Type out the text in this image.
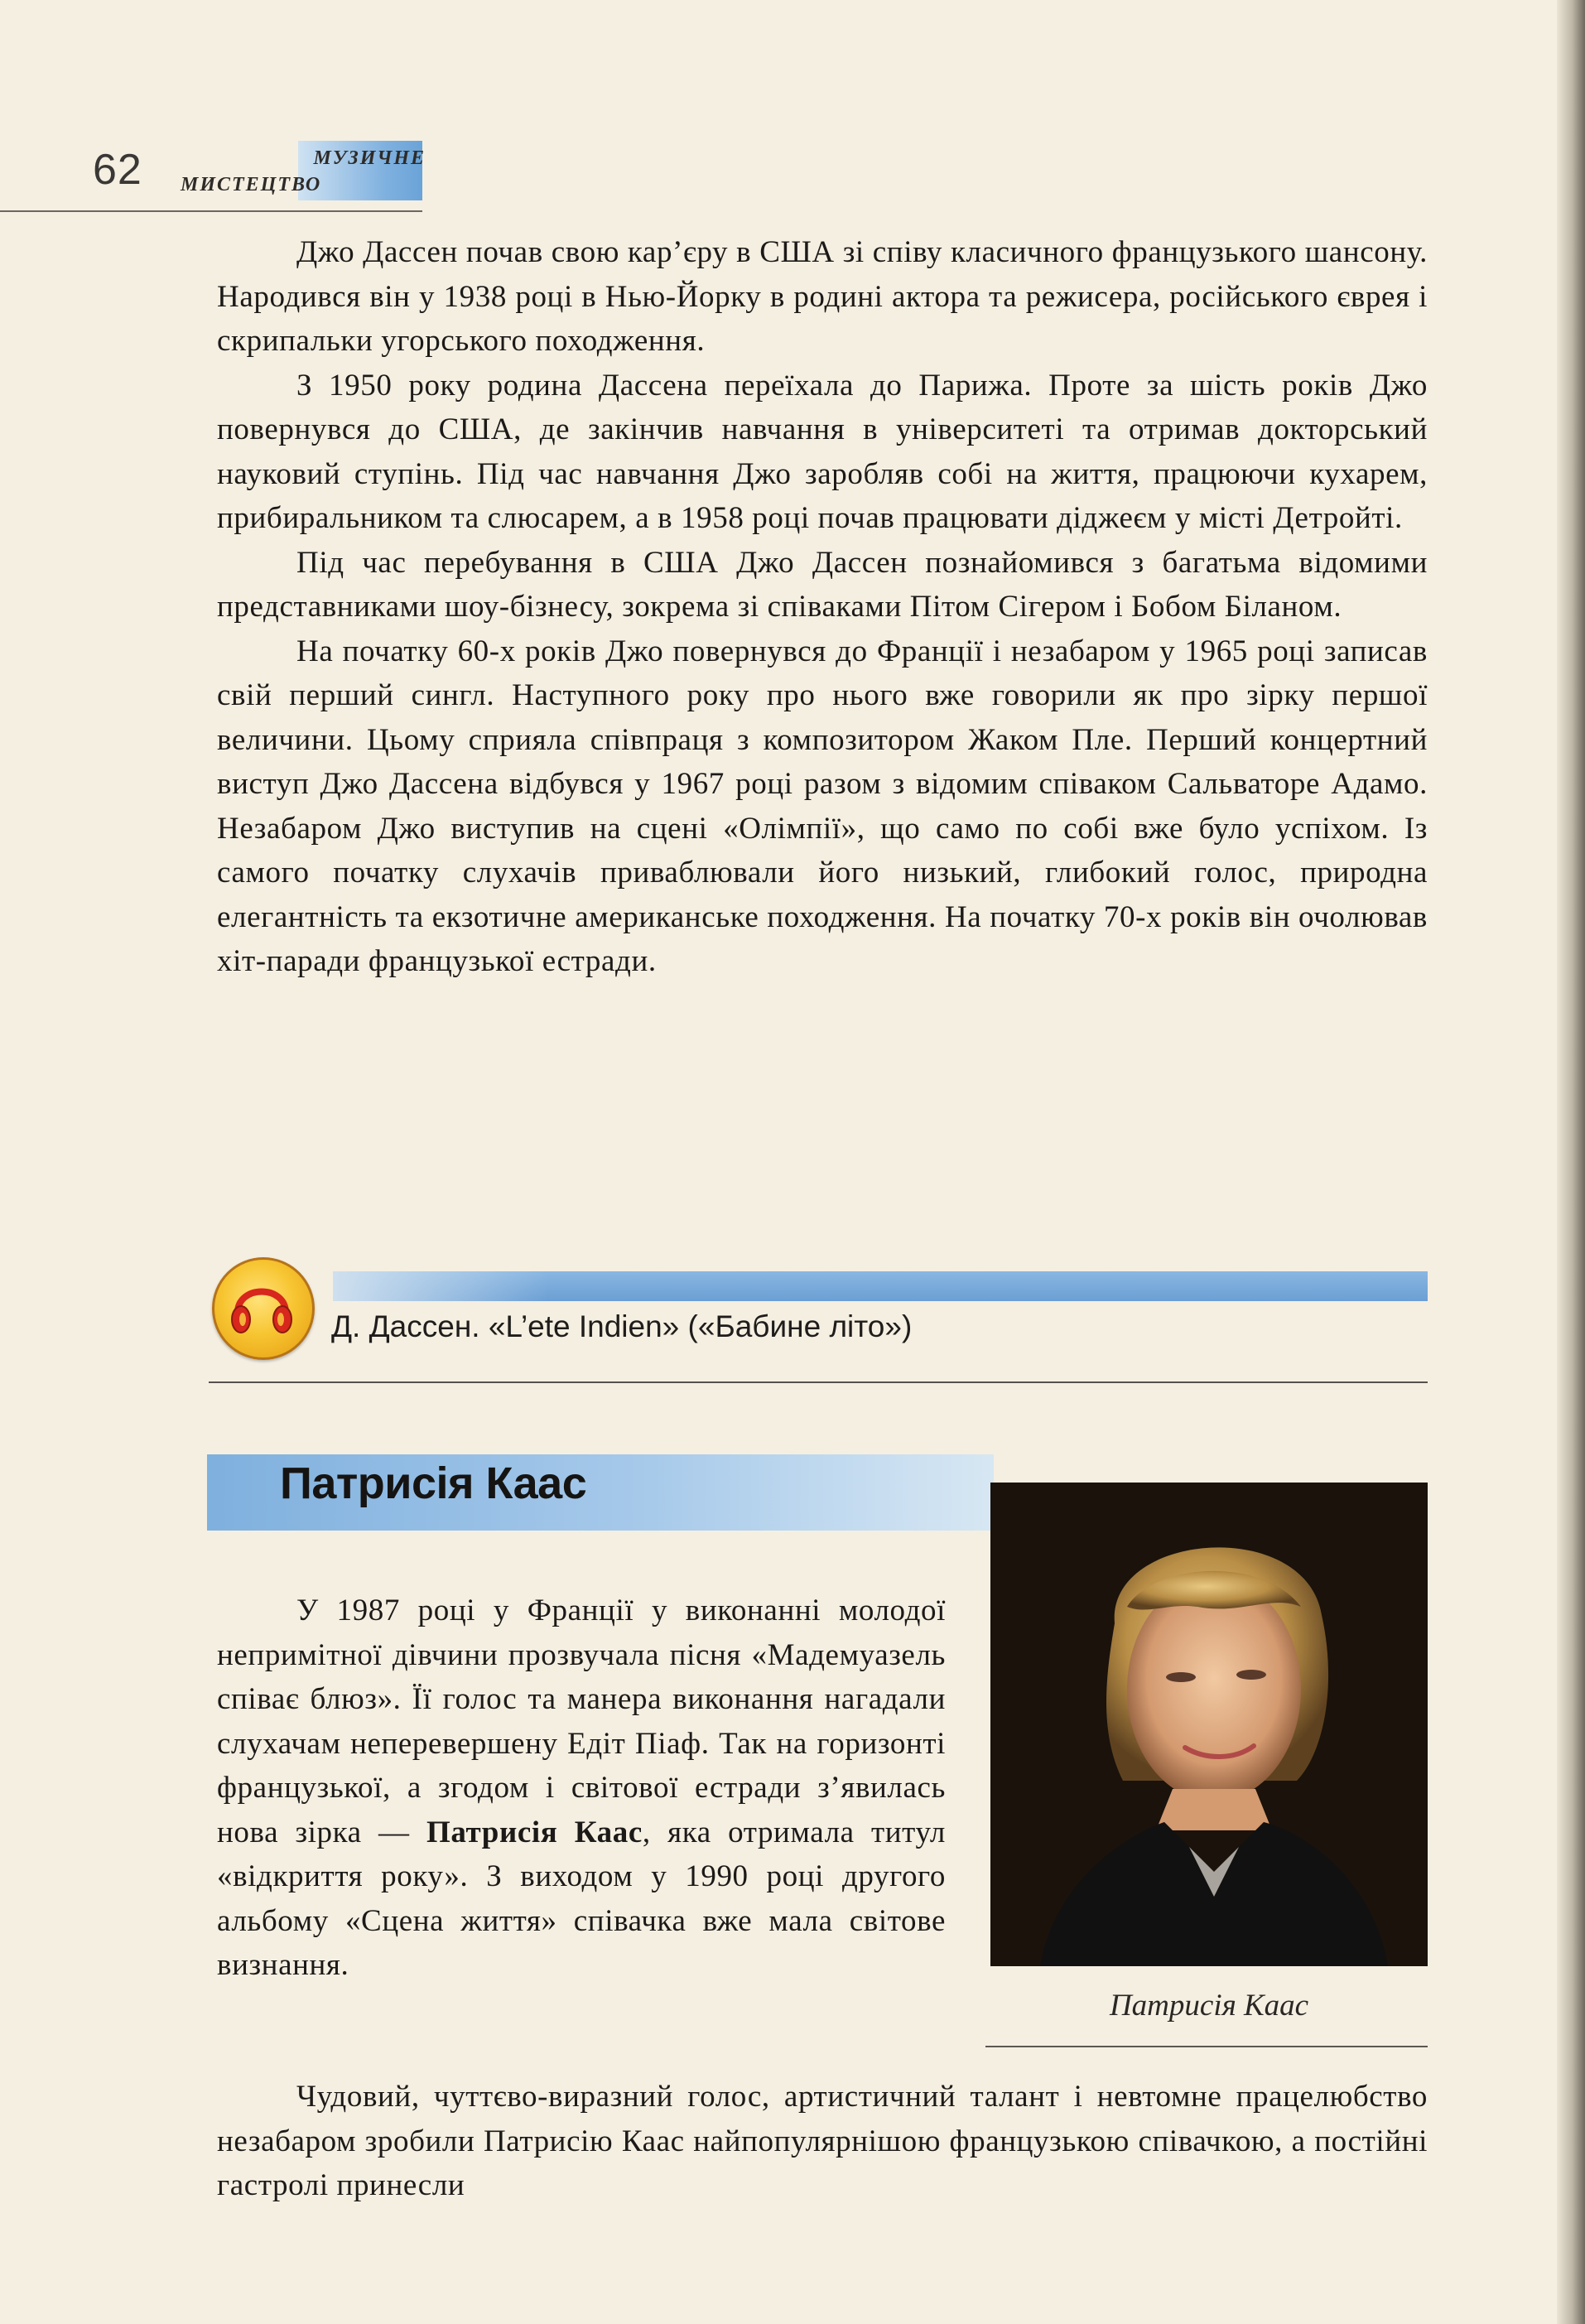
62	МУЗИЧНЕ
МИСТЕЦТВО

Джо Дассен почав свою кар’єру в США зі співу класичного французького шансону. Народився він у 1938 році в Нью-Йорку в родині актора та режисера, російського єврея і скрипальки угорського походження.

З 1950 року родина Дассена переїхала до Парижа. Проте за шість років Джо повернувся до США, де закінчив навчання в університеті та отримав докторський науковий ступінь. Під час навчання Джо заробляв собі на життя, працюючи кухарем, прибиральником та слюсарем, а в 1958 році почав працювати діджеєм у місті Детройті.

Під час перебування в США Джо Дассен познайомився з багатьма відомими представниками шоу-бізнесу, зокрема зі співаками Пітом Сігером і Бобом Біланом.

На початку 60-х років Джо повернувся до Франції і незабаром у 1965 році записав свій перший сингл. Наступного року про нього вже говорили як про зірку першої величини. Цьому сприяла співпраця з композитором Жаком Пле. Перший концертний виступ Джо Дассена відбувся у 1967 році разом з відомим співаком Сальваторе Адамо. Незабаром Джо виступив на сцені «Олімпії», що само по собі вже було успіхом. Із самого початку слухачів приваблювали його низький, глибокий голос, природна елегантність та екзотичне американське походження. На початку 70-х років він очолював хіт-паради французької естради.

Д. Дассен. «L’ete Indien» («Бабине літо»)
Патрисія Каас
Патрисія Каас

У 1987 році у Франції у виконанні молодої непримітної дівчини прозвучала пісня «Мадемуазель співає блюз». Її голос та манера виконання нагадали слухачам неперевершену Едіт Піаф. Так на горизонті французької, а згодом і світової естради з’явилась нова зірка — Патрисія Каас, яка отримала титул «відкриття року». З виходом у 1990 році другого альбому «Сцена життя» співачка вже мала світове визнання.

Чудовий, чуттєво-виразний голос, артистичний талант і невтомне працелюбство незабаром зробили Патрисію Каас найпопулярнішою французькою співачкою, а постійні гастролі принесли
